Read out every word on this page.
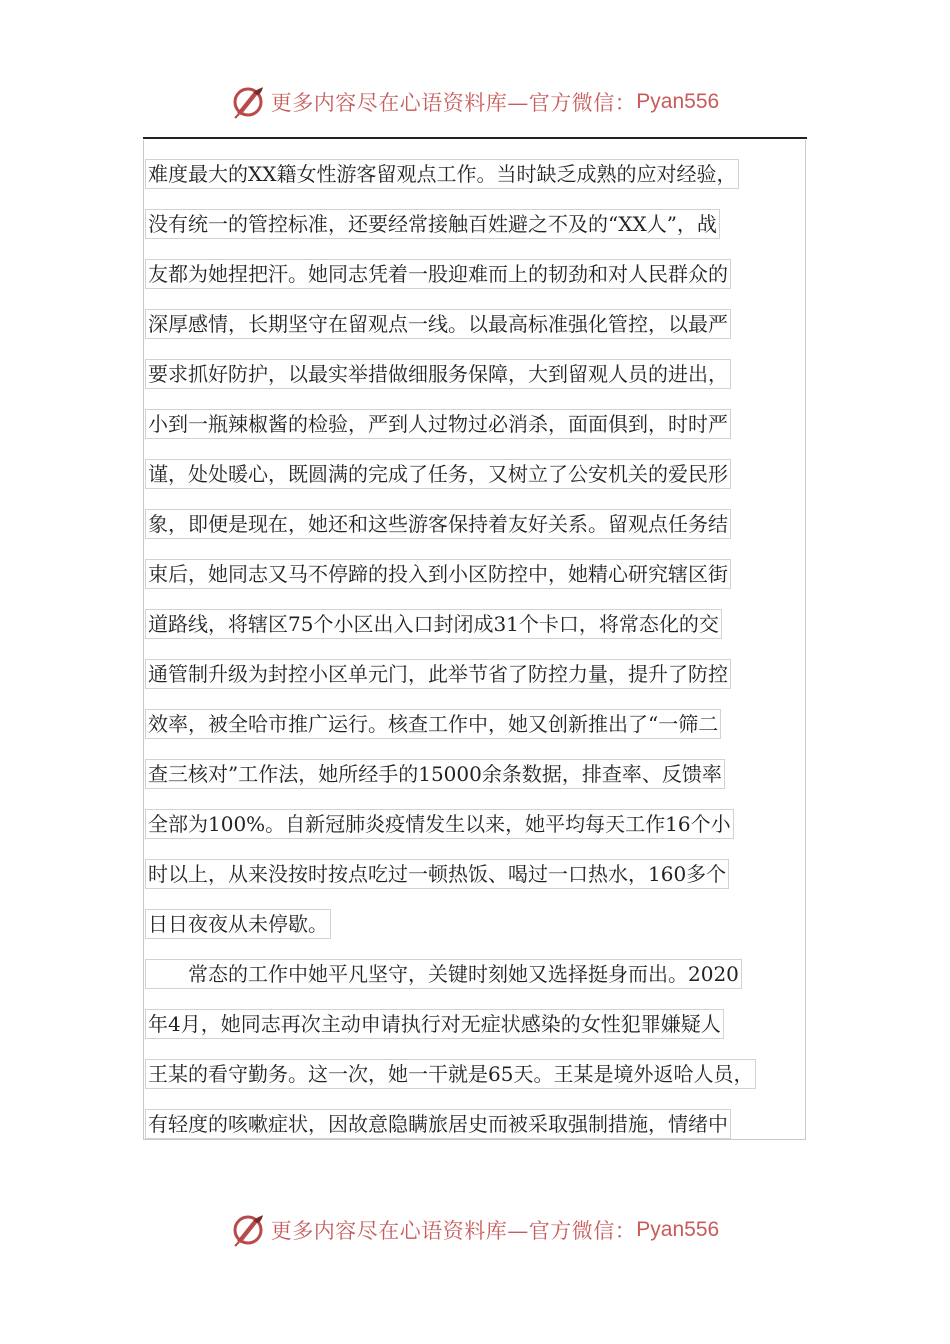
更多内容尽在心语资料库—官方微信： Pyan556
难度最大的XX籍女性游客留观点工作。当时缺乏成熟的应对经验，
没有统一的管控标准，还要经常接触百姓避之不及的“XX人”，战
友都为她捏把汗。她同志凭着一股迎难而上的韧劲和对人民群众的
深厚感情，长期坚守在留观点一线。以最高标准强化管控，以最严
要求抓好防护，以最实举措做细服务保障，大到留观人员的进出，
小到一瓶辣椒酱的检验，严到人过物过必消杀，面面俱到，时时严
谨，处处暖心，既圆满的完成了任务，又树立了公安机关的爱民形
象，即便是现在，她还和这些游客保持着友好关系。留观点任务结
束后，她同志又马不停蹄的投入到小区防控中，她精心研究辖区街
道路线，将辖区75个小区出入口封闭成31个卡口，将常态化的交
通管制升级为封控小区单元门，此举节省了防控力量，提升了防控
效率，被全哈市推广运行。核查工作中，她又创新推出了“一筛二
查三核对”工作法，她所经手的15000余条数据，排查率、反馈率
全部为100%。自新冠肺炎疫情发生以来，她平均每天工作16个小
时以上，从来没按时按点吃过一顿热饭、喝过一口热水，160多个
日日夜夜从未停歇。
　　常态的工作中她平凡坚守，关键时刻她又选择挺身而出。2020
年4月，她同志再次主动申请执行对无症状感染的女性犯罪嫌疑人
王某的看守勤务。这一次，她一干就是65天。王某是境外返哈人员，
有轻度的咳嗽症状，因故意隐瞒旅居史而被采取强制措施，情绪中
更多内容尽在心语资料库—官方微信： Pyan556
